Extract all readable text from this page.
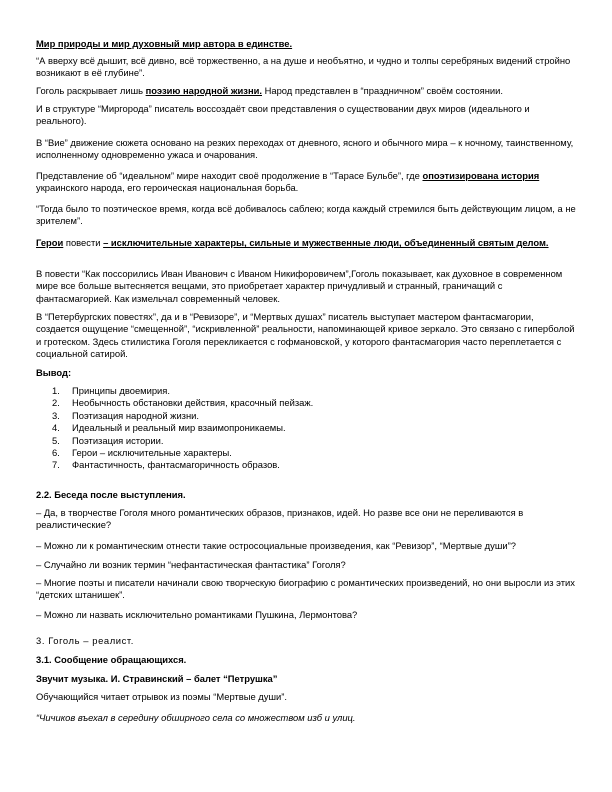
Мир природы и мир духовный мир автора в единстве.

“А вверху всё дышит, всё дивно, всё торжественно, а на душе и необъятно, и чудно и толпы серебряных видений стройно возникают в её глубине”.

Гоголь раскрывает лишь поэзию народной жизни. Народ представлен в “праздничном” своём состоянии.

И в структуре “Миргорода” писатель воссоздаёт свои представления о существовании двух миров (идеального и реального).

В “Вие” движение сюжета основано на резких переходах от дневного, ясного и обычного мира – к ночному, таинственному, исполненному одновременно ужаса и очарования.

Представление об “идеальном” мире находит своё продолжение в “Тарасе Бульбе”, где опоэтизирована история украинского народа, его героическая национальная борьба.

“Тогда было то поэтическое время, когда всё добивалось саблею; когда каждый стремился быть действующим лицом, а не зрителем”.

Герои повести – исключительные характеры, сильные и мужественные люди, объединенный святым делом.

В повести “Как поссорились Иван Иванович с Иваном Никифоровичем”,Гоголь показывает, как духовное в современном мире все больше вытесняется вещами, это приобретает характер причудливый и странный, граничащий с фантасмагорией. Как измельчал современный человек.

В “Петербургских повестях”, да и в “Ревизоре”, и “Мертвых душах” писатель выступает мастером фантасмагории, создается ощущение “смещенной”, “искривленной” реальности, напоминающей кривое зеркало. Это связано с гиперболой и гротеском. Здесь стилистика Гоголя перекликается с гофмановской, у которого фантасмагория часто переплетается с социальной сатирой.

Вывод:

1. Принципы двоемирия.
2. Необычность обстановки действия, красочный пейзаж.
3. Поэтизация народной жизни.
4. Идеальный и реальный мир взаимопроникаемы.
5. Поэтизация истории.
6. Герои – исключительные характеры.
7. Фантастичность, фантасмагоричность образов.

2.2. Беседа после выступления.

– Да, в творчестве Гоголя много романтических образов, признаков, идей. Но разве все они не переливаются в реалистические?

– Можно ли к романтическим отнести такие остросоциальные произведения, как “Ревизор”, “Мертвые души”?

– Случайно ли возник термин “нефантастическая фантастика” Гоголя?

– Многие поэты и писатели начинали свою творческую биографию с романтических произведений, но они выросли из этих “детских штанишек”.

– Можно ли назвать исключительно романтиками Пушкина, Лермонтова?

3. Гоголь – реалист.

3.1. Сообщение обращающихся.

Звучит музыка. И. Стравинский – балет “Петрушка”

Обучающийся читает отрывок из поэмы “Мертвые души”.

“Чичиков въехал в середину обширного села со множеством изб и улиц.
